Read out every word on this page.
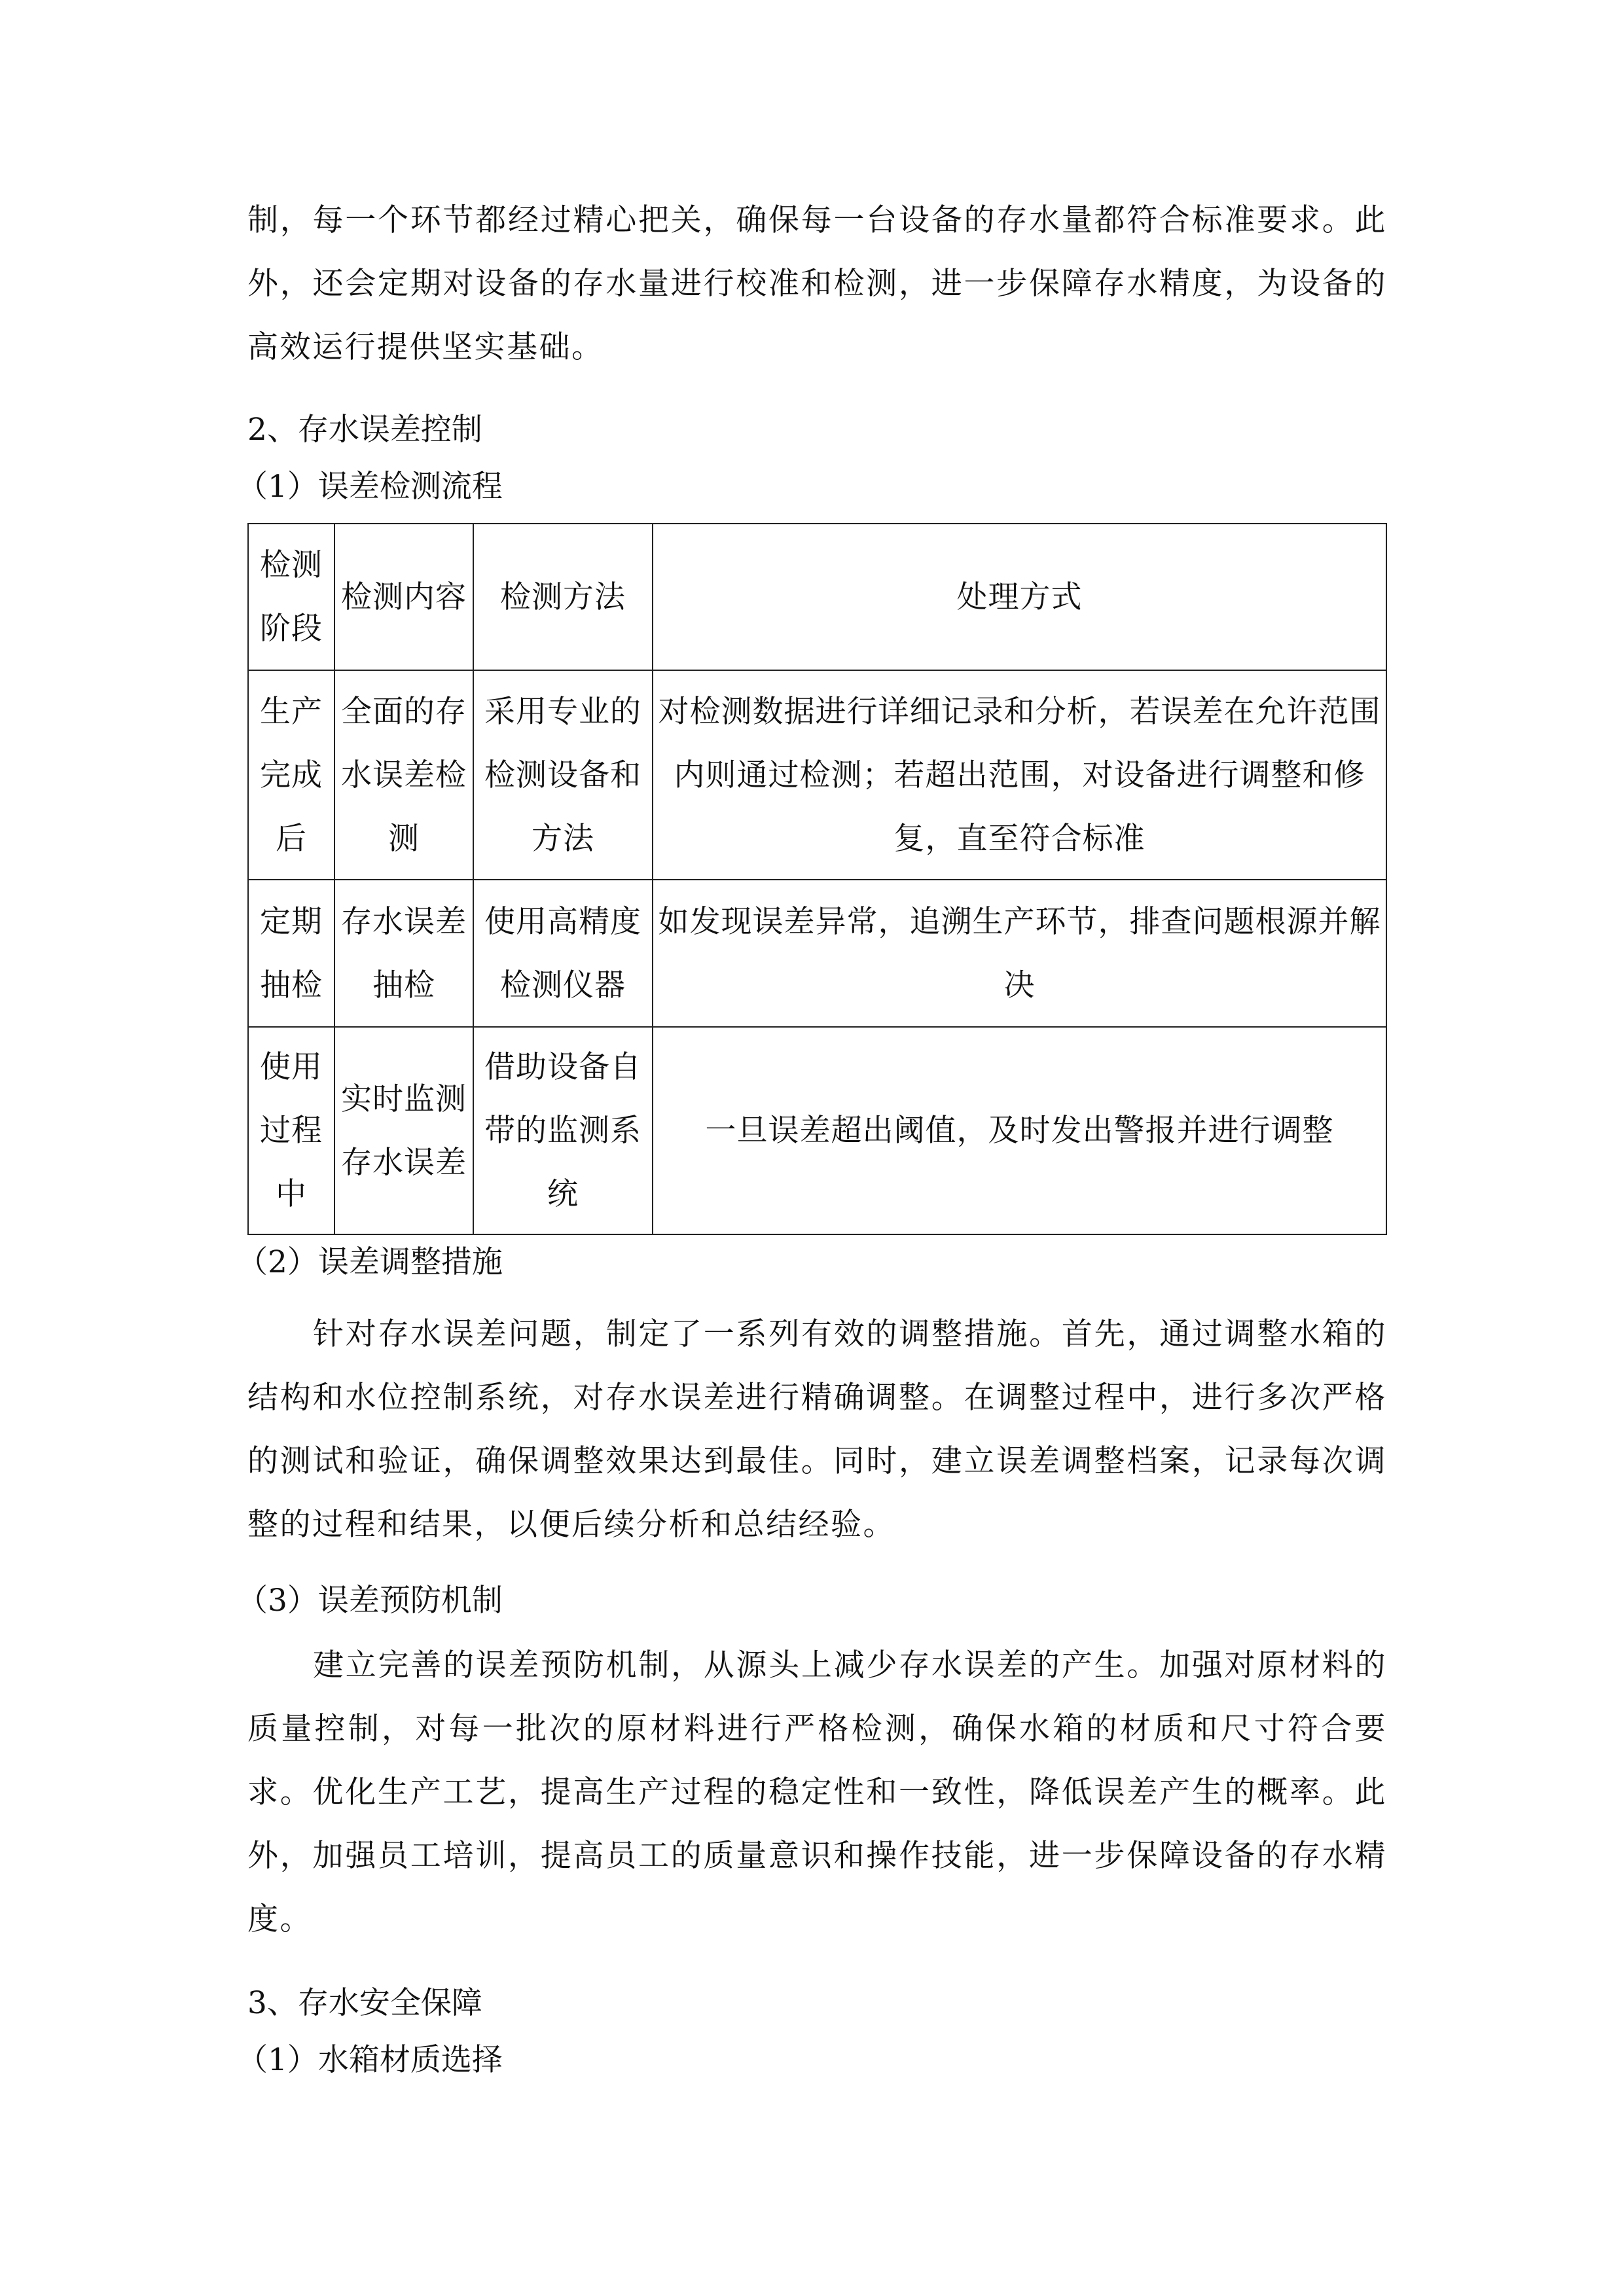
制，每一个环节都经过精心把关，确保每一台设备的存水量都符合标准要求。此外，还会定期对设备的存水量进行校准和检测，进一步保障存水精度，为设备的高效运行提供坚实基础。
2、存水误差控制
（1）误差检测流程
检测阶段	检测内容	检测方法	处理方式
生产完成后	全面的存水误差检测	采用专业的检测设备和方法	对检测数据进行详细记录和分析，若误差在允许范围内则通过检测；若超出范围，对设备进行调整和修复，直至符合标准
定期抽检	存水误差抽检	使用高精度检测仪器	如发现误差异常，追溯生产环节，排查问题根源并解决
使用过程中	实时监测存水误差	借助设备自带的监测系统	一旦误差超出阈值，及时发出警报并进行调整
（2）误差调整措施
针对存水误差问题，制定了一系列有效的调整措施。首先，通过调整水箱的结构和水位控制系统，对存水误差进行精确调整。在调整过程中，进行多次严格的测试和验证，确保调整效果达到最佳。同时，建立误差调整档案，记录每次调整的过程和结果，以便后续分析和总结经验。
（3）误差预防机制
建立完善的误差预防机制，从源头上减少存水误差的产生。加强对原材料的质量控制，对每一批次的原材料进行严格检测，确保水箱的材质和尺寸符合要求。优化生产工艺，提高生产过程的稳定性和一致性，降低误差产生的概率。此外，加强员工培训，提高员工的质量意识和操作技能，进一步保障设备的存水精度。
3、存水安全保障
（1）水箱材质选择
